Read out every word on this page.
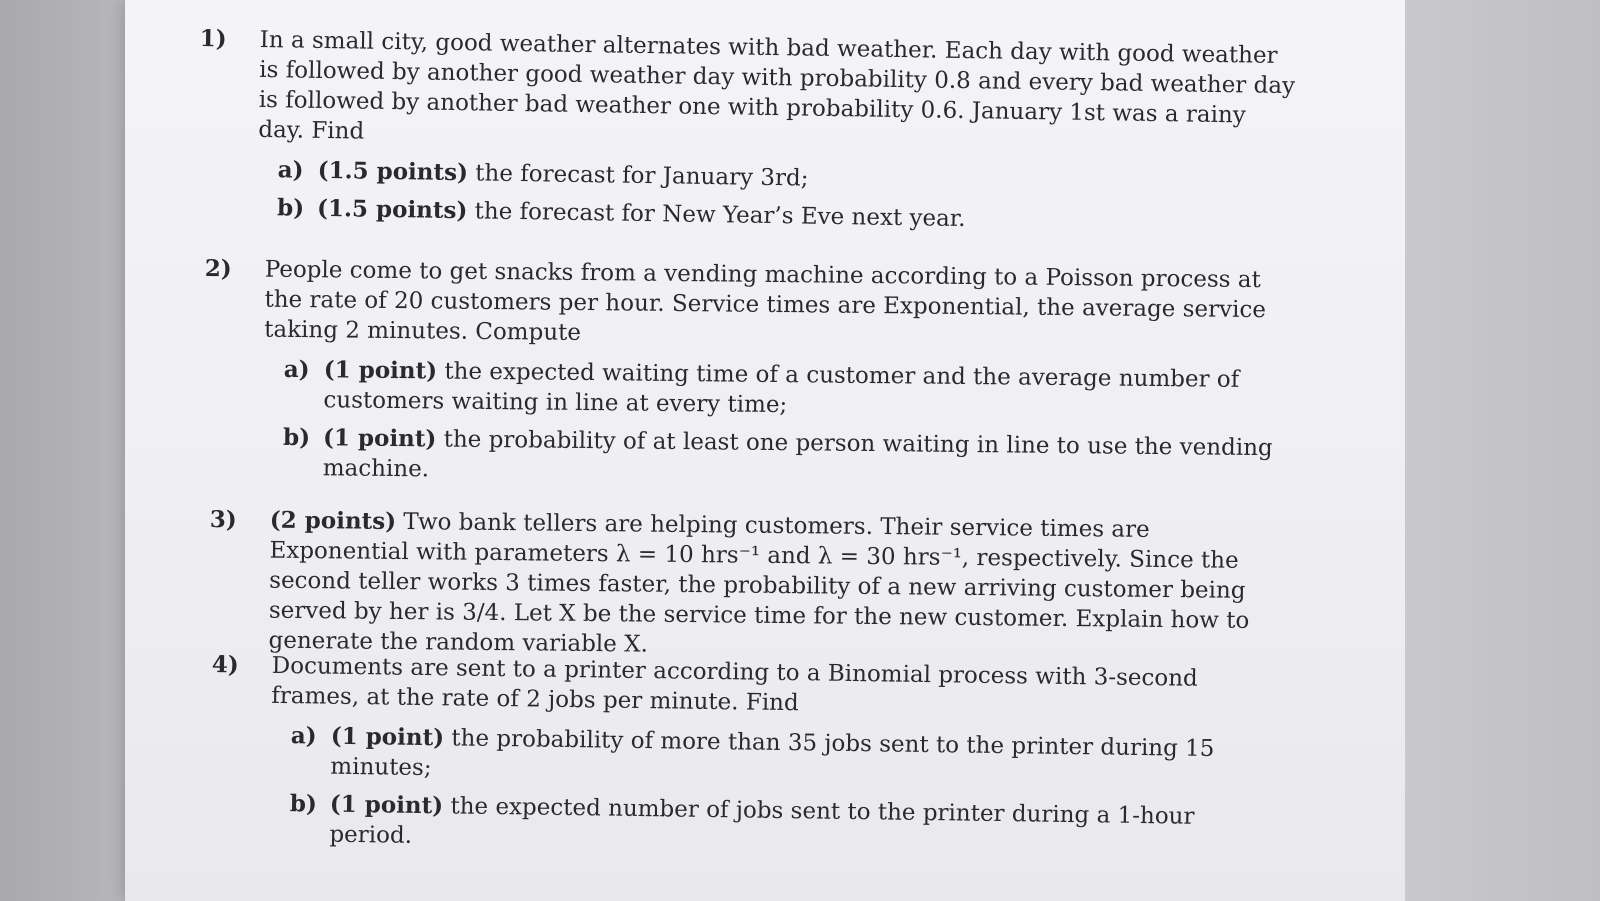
1) In a small city, good weather alternates with bad weather. Each day with good weather is followed by another good weather day with probability 0.8 and every bad weather day is followed by another bad weather one with probability 0.6. January 1st was a rainy day. Find
a) (1.5 points) the forecast for January 3rd;
b) (1.5 points) the forecast for New Year’s Eve next year.
2) People come to get snacks from a vending machine according to a Poisson process at the rate of 20 customers per hour. Service times are Exponential, the average service taking 2 minutes. Compute
a) (1 point) the expected waiting time of a customer and the average number of customers waiting in line at every time;
b) (1 point) the probability of at least one person waiting in line to use the vending machine.
3) (2 points) Two bank tellers are helping customers. Their service times are Exponential with parameters λ = 10 hrs⁻¹ and λ = 30 hrs⁻¹, respectively. Since the second teller works 3 times faster, the probability of a new arriving customer being served by her is 3/4. Let X be the service time for the new customer. Explain how to generate the random variable X.
4) Documents are sent to a printer according to a Binomial process with 3-second frames, at the rate of 2 jobs per minute. Find
a) (1 point) the probability of more than 35 jobs sent to the printer during 15 minutes;
b) (1 point) the expected number of jobs sent to the printer during a 1-hour period.
